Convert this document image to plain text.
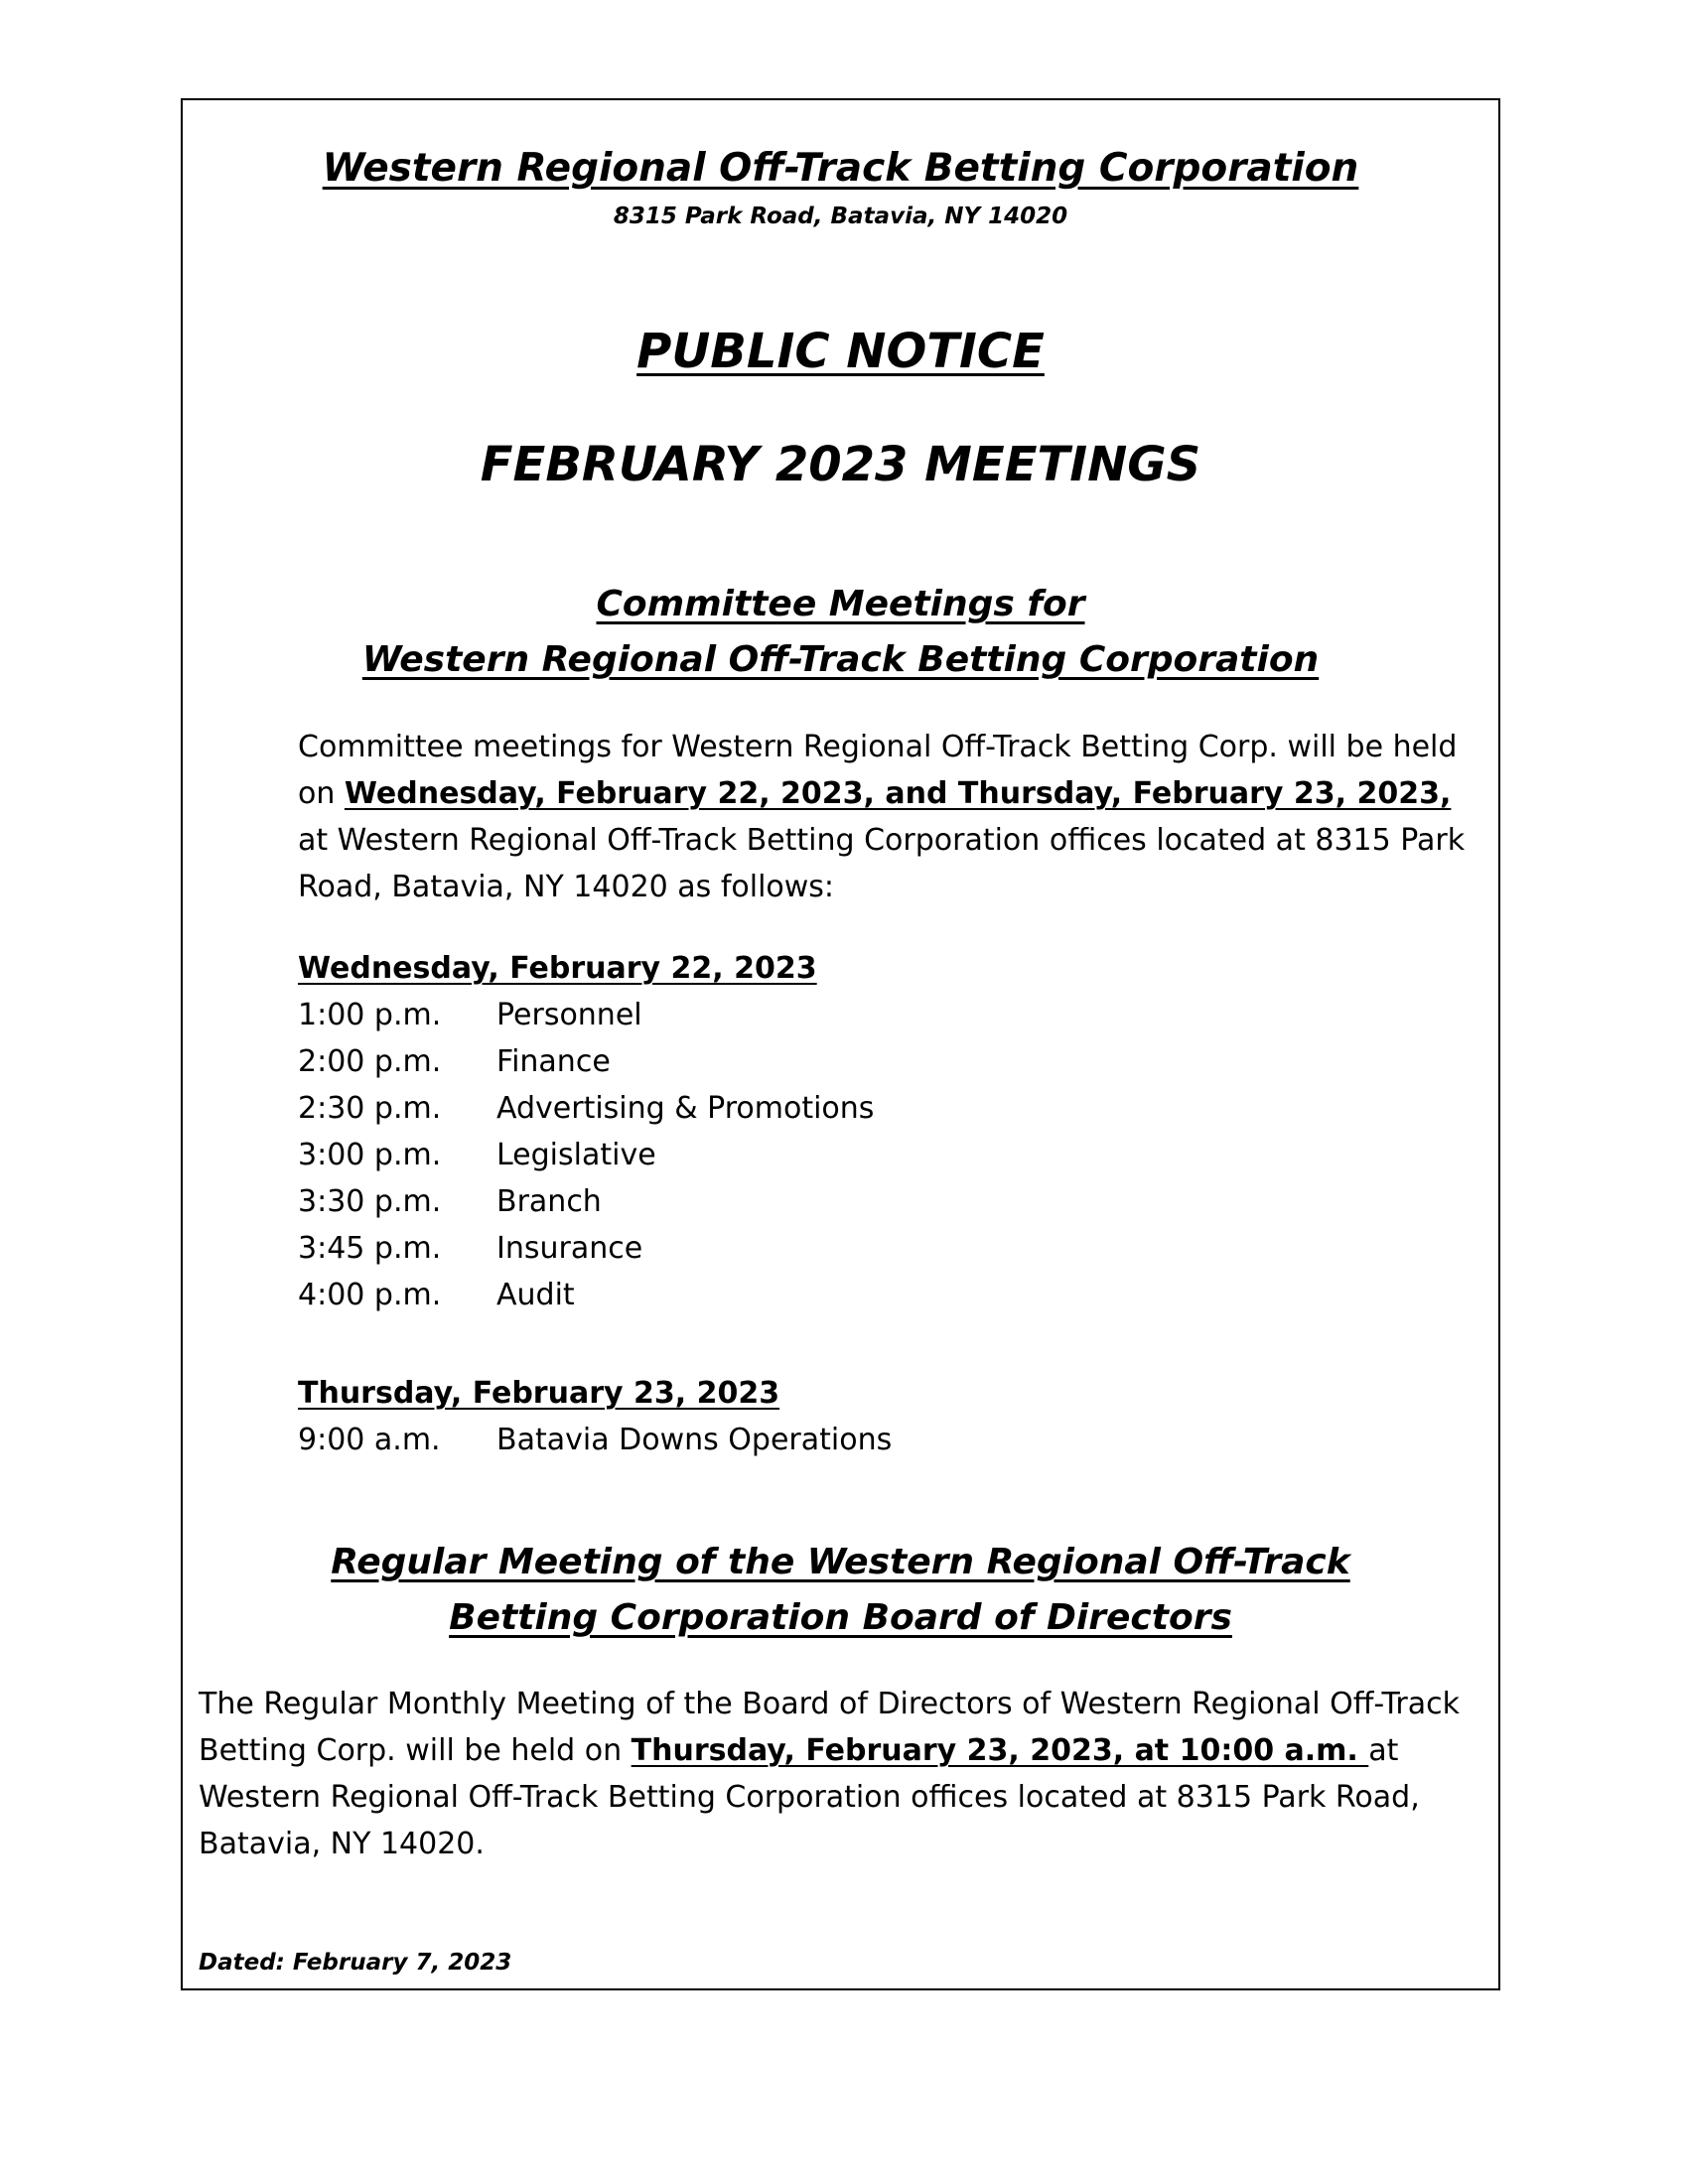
Western Regional Off-Track Betting Corporation
8315 Park Road, Batavia, NY 14020
PUBLIC NOTICE
FEBRUARY 2023 MEETINGS
Committee Meetings for
Western Regional Off-Track Betting Corporation
Committee meetings for Western Regional Off-Track Betting Corp. will be held on Wednesday, February 22, 2023, and Thursday, February 23, 2023, at Western Regional Off-Track Betting Corporation offices located at 8315 Park Road, Batavia, NY 14020 as follows:
Wednesday, February 22, 2023
1:00 p.m.	Personnel
2:00 p.m.	Finance
2:30 p.m.	Advertising & Promotions
3:00 p.m.	Legislative
3:30 p.m.	Branch
3:45 p.m.	Insurance
4:00 p.m.	Audit
Thursday, February 23, 2023
9:00 a.m.	Batavia Downs Operations
Regular Meeting of the Western Regional Off-Track
Betting Corporation Board of Directors
The Regular Monthly Meeting of the Board of Directors of Western Regional Off-Track Betting Corp. will be held on Thursday, February 23, 2023, at 10:00 a.m. at Western Regional Off-Track Betting Corporation offices located at 8315 Park Road, Batavia, NY 14020.
Dated: February 7, 2023
